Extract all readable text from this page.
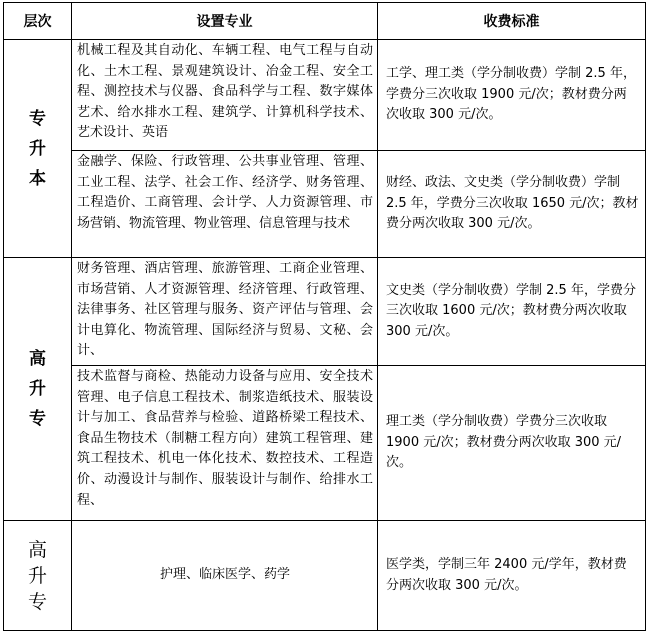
层次	设置专业	收费标准

专
升
本	机械工程及其自动化、车辆工程、电气工程与自动化、土木工程、景观建筑设计、冶金工程、安全工程、测控技术与仪器、食品科学与工程、数字媒体艺术、给水排水工程、建筑学、计算机科学技术、艺术设计、英语	工学、理工类（学分制收费）学制 2.5 年，学费分三次收取 1900 元/次；教材费分两次收取 300 元/次。
	金融学、保险、行政管理、公共事业管理、管理、工业工程、法学、社会工作、经济学、财务管理、工程造价、工商管理、会计学、人力资源管理、市场营销、物流管理、物业管理、信息管理与技术	财经、政法、文史类（学分制收费）学制 2.5 年，学费分三次收取 1650 元/次；教材费分两次收取 300 元/次。

高
升
专	财务管理、酒店管理、旅游管理、工商企业管理、市场营销、人才资源管理、经济管理、行政管理、法律事务、社区管理与服务、资产评估与管理、会计电算化、物流管理、国际经济与贸易、文秘、会计、	文史类（学分制收费）学制 2.5 年，学费分三次收取 1600 元/次；教材费分两次收取 300 元/次。
	技术监督与商检、热能动力设备与应用、安全技术管理、电子信息工程技术、制浆造纸技术、服装设计与加工、食品营养与检验、道路桥梁工程技术、食品生物技术（制糖工程方向）建筑工程管理、建筑工程技术、机电一体化技术、数控技术、工程造价、动漫设计与制作、服装设计与制作、给排水工程、	理工类（学分制收费）学费分三次收取 1900 元/次；教材费分两次收取 300 元/次。

高
升
专	护理、临床医学、药学	医学类，学制三年 2400 元/学年，教材费分两次收取 300 元/次。
